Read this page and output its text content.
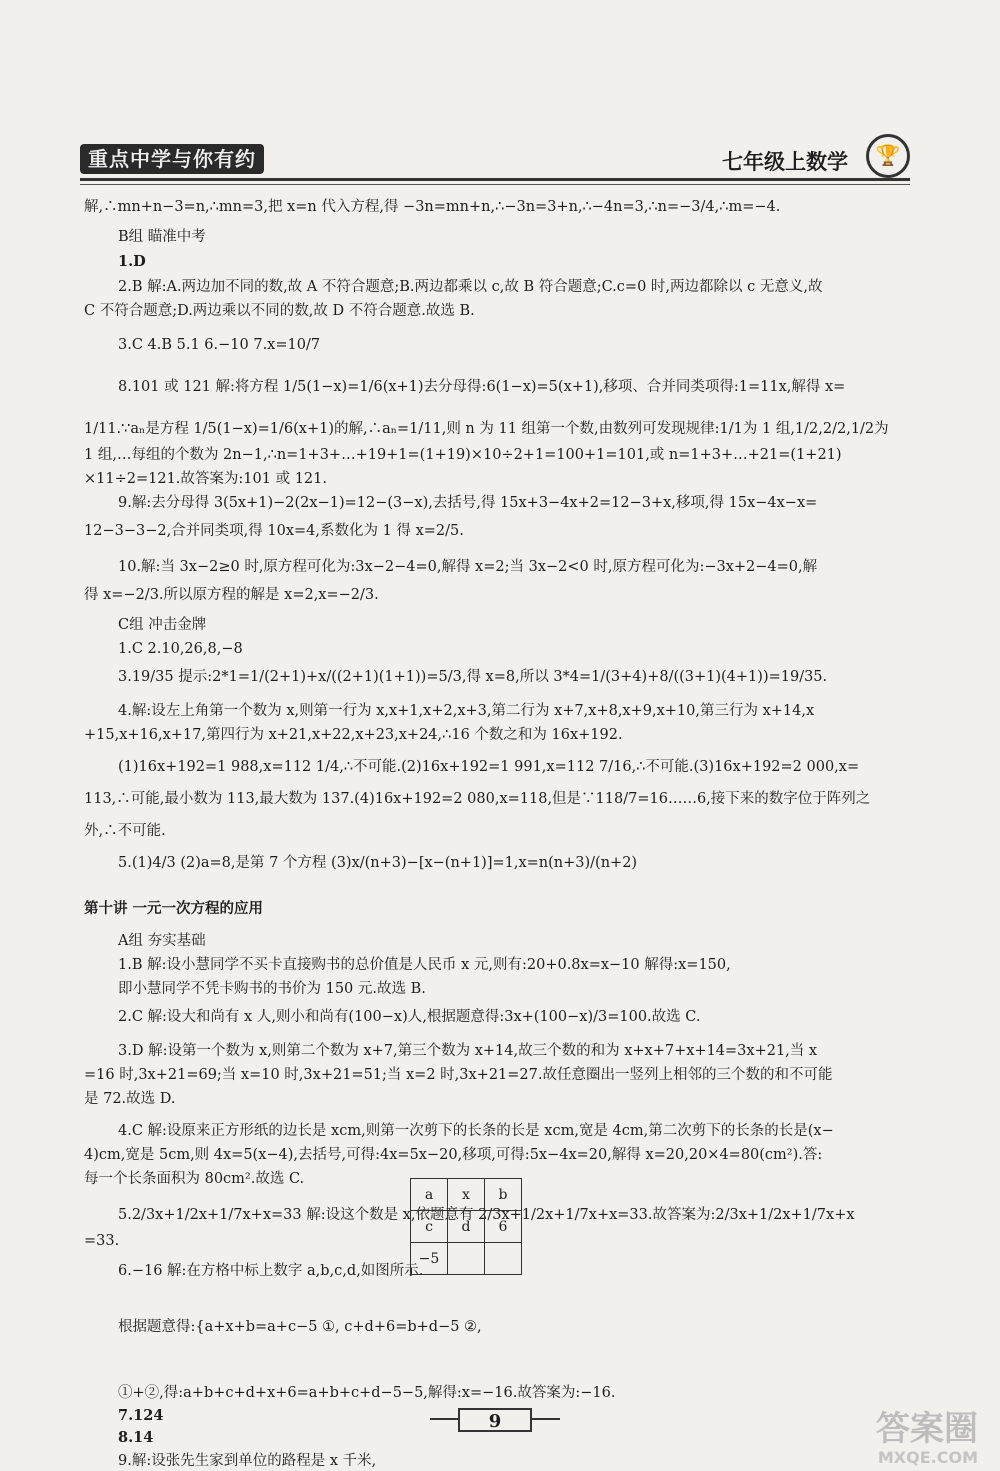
重点中学与你有约	七年级上数学	🏆
解,∴mn+n−3=n,∴mn=3,把 x=n 代入方程,得 −3n=mn+n,∴−3n=3+n,∴−4n=3,∴n=−3/4,∴m=−4.
B组 瞄准中考
1.D
2.B 解:A.两边加不同的数,故 A 不符合题意;B.两边都乘以 c,故 B 符合题意;C.c=0 时,两边都除以 c 无意义,故
C 不符合题意;D.两边乘以不同的数,故 D 不符合题意.故选 B.
3.C 4.B 5.1 6.−10 7.x=10/7
8.101 或 121 解:将方程 1/5(1−x)=1/6(x+1)去分母得:6(1−x)=5(x+1),移项、合并同类项得:1=11x,解得 x=
1/11.∵aₙ是方程 1/5(1−x)=1/6(x+1)的解,∴aₙ=1/11,则 n 为 11 组第一个数,由数列可发现规律:1/1为 1 组,1/2,2/2,1/2为
1 组,…每组的个数为 2n−1,∴n=1+3+…+19+1=(1+19)×10÷2+1=100+1=101,或 n=1+3+…+21=(1+21)
×11÷2=121.故答案为:101 或 121.
9.解:去分母得 3(5x+1)−2(2x−1)=12−(3−x),去括号,得 15x+3−4x+2=12−3+x,移项,得 15x−4x−x=
12−3−3−2,合并同类项,得 10x=4,系数化为 1 得 x=2/5.
10.解:当 3x−2≥0 时,原方程可化为:3x−2−4=0,解得 x=2;当 3x−2<0 时,原方程可化为:−3x+2−4=0,解
得 x=−2/3.所以原方程的解是 x=2,x=−2/3.
C组 冲击金牌
1.C 2.10,26,8,−8
3.19/35 提示:2*1=1/(2+1)+x/((2+1)(1+1))=5/3,得 x=8,所以 3*4=1/(3+4)+8/((3+1)(4+1))=19/35.
4.解:设左上角第一个数为 x,则第一行为 x,x+1,x+2,x+3,第二行为 x+7,x+8,x+9,x+10,第三行为 x+14,x
+15,x+16,x+17,第四行为 x+21,x+22,x+23,x+24,∴16 个数之和为 16x+192.
(1)16x+192=1 988,x=112 1/4,∴不可能.(2)16x+192=1 991,x=112 7/16,∴不可能.(3)16x+192=2 000,x=
113,∴可能,最小数为 113,最大数为 137.(4)16x+192=2 080,x=118,但是∵118/7=16……6,接下来的数字位于阵列之
外,∴不可能.
5.(1)4/3 (2)a=8,是第 7 个方程 (3)x/(n+3)−[x−(n+1)]=1,x=n(n+3)/(n+2)
第十讲 一元一次方程的应用
A组 夯实基础
1.B 解:设小慧同学不买卡直接购书的总价值是人民币 x 元,则有:20+0.8x=x−10 解得:x=150,
即小慧同学不凭卡购书的书价为 150 元.故选 B.
2.C 解:设大和尚有 x 人,则小和尚有(100−x)人,根据题意得:3x+(100−x)/3=100.故选 C.
3.D 解:设第一个数为 x,则第二个数为 x+7,第三个数为 x+14,故三个数的和为 x+x+7+x+14=3x+21,当 x
=16 时,3x+21=69;当 x=10 时,3x+21=51;当 x=2 时,3x+21=27.故任意圈出一竖列上相邻的三个数的和不可能
是 72.故选 D.
4.C 解:设原来正方形纸的边长是 xcm,则第一次剪下的长条的长是 xcm,宽是 4cm,第二次剪下的长条的长是(x−
4)cm,宽是 5cm,则 4x=5(x−4),去括号,可得:4x=5x−20,移项,可得:5x−4x=20,解得 x=20,20×4=80(cm²).答:
每一个长条面积为 80cm².故选 C.
5.2/3x+1/2x+1/7x+x=33 解:设这个数是 x,依题意有 2/3x+1/2x+1/7x+x=33.故答案为:2/3x+1/2x+1/7x+x
=33.
6.−16 解:在方格中标上数字 a,b,c,d,如图所示.
根据题意得:{a+x+b=a+c−5 ①, c+d+6=b+d−5 ②,
①+②,得:a+b+c+d+x+6=a+b+c+d−5−5,解得:x=−16.故答案为:−16.
7.124
8.14
9.解:设张先生家到单位的路程是 x 千米,
a	x	b
c	d	6
−5		
9	答案圈
MXQE.COM
